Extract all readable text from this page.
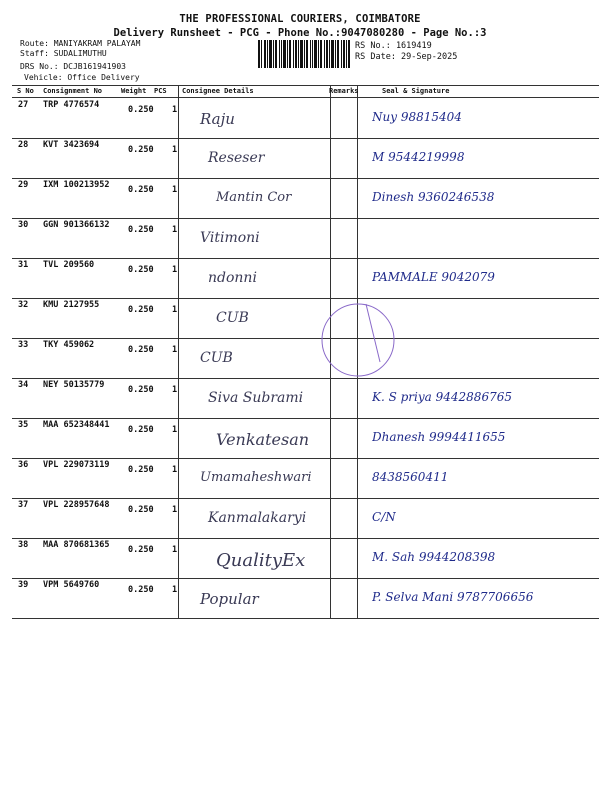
THE PROFESSIONAL COURIERS, COIMBATORE
Delivery Runsheet - PCG - Phone No.:9047080280 - Page No.:3
Route: MANIYAKRAM PALAYAM
Staff: SUDALIMUTHU
DRS No.: DCJB161941903
Vehicle: Office Delivery
RS No.: 1619419
RS Date: 29-Sep-2025
S No Consignment No	Weight PCS Consignee Details	Remarks	Seal & Signature
27 TRP 4776574	0.250 1 Raju	Nuy 98815404
28 KVT 3423694	0.250 1 Reseser	M 9544219998
29 IXM 100213952 0.250 1	Mantin Cor	Dinesh 9360246538
30 GGN 901366132 0.250 1 Vitimoni
31 TVL 209560	0.250 1 ndonni	PAMMALE 9042079
32 KMU 2127955	0.250 1	CUB
33 TKY 459062	0.250 1 CUB
34 NEY 50135779	0.250 1 Siva Subrami	K. S priya 9442886765
35 MAA 652348441 0.250 1 Venkatesan	Dhanesh 9994411655
36 VPL 229073119 0.250 1 Umamaheshwari	8438560411
37 VPL 228957648 0.250 1 Kanmalakaryi	C/N
38 MAA 870681365 0.250 1 QualityEx	M. Sah 9944208398
39 VPM 5649760	0.250 1 Popular	P. Selva Mani 9787706656
